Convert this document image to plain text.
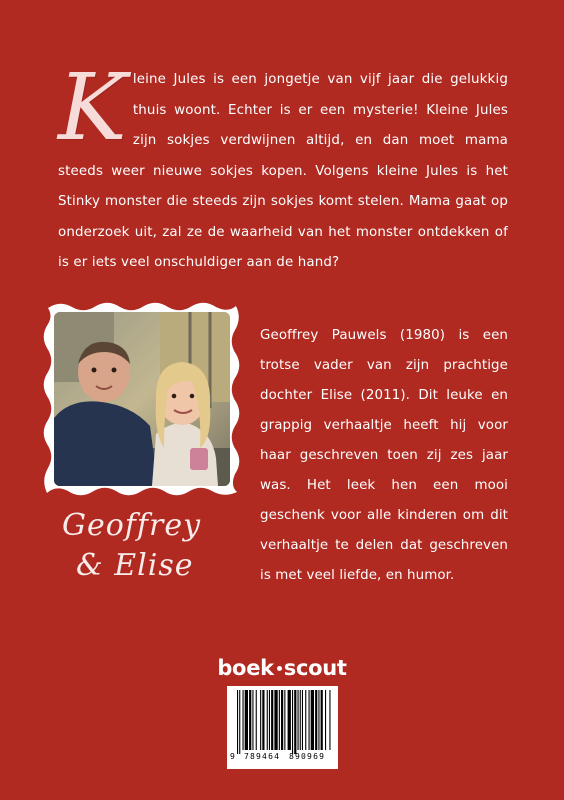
Kleine Jules is een jongetje van vijf jaar die gelukkig thuis woont. Echter is er een mysterie! Kleine Jules zijn sokjes verdwijnen altijd, en dan moet mama steeds weer nieuwe sokjes kopen. Volgens kleine Jules is het Stinky monster die steeds zijn sokjes komt stelen. Mama gaat op onderzoek uit, zal ze de waarheid van het monster ontdekken of is er iets veel onschuldiger aan de hand?

Geoffrey
& Elise

Geoffrey Pauwels (1980) is een trotse vader van zijn prachtige dochter Elise (2011). Dit leuke en grappig verhaaltje heeft hij voor haar geschreven toen zij zes jaar was. Het leek hen een mooi geschenk voor alle kinderen om dit verhaaltje te delen dat geschreven is met veel liefde, en humor.

boek scout
9 789464 890969
